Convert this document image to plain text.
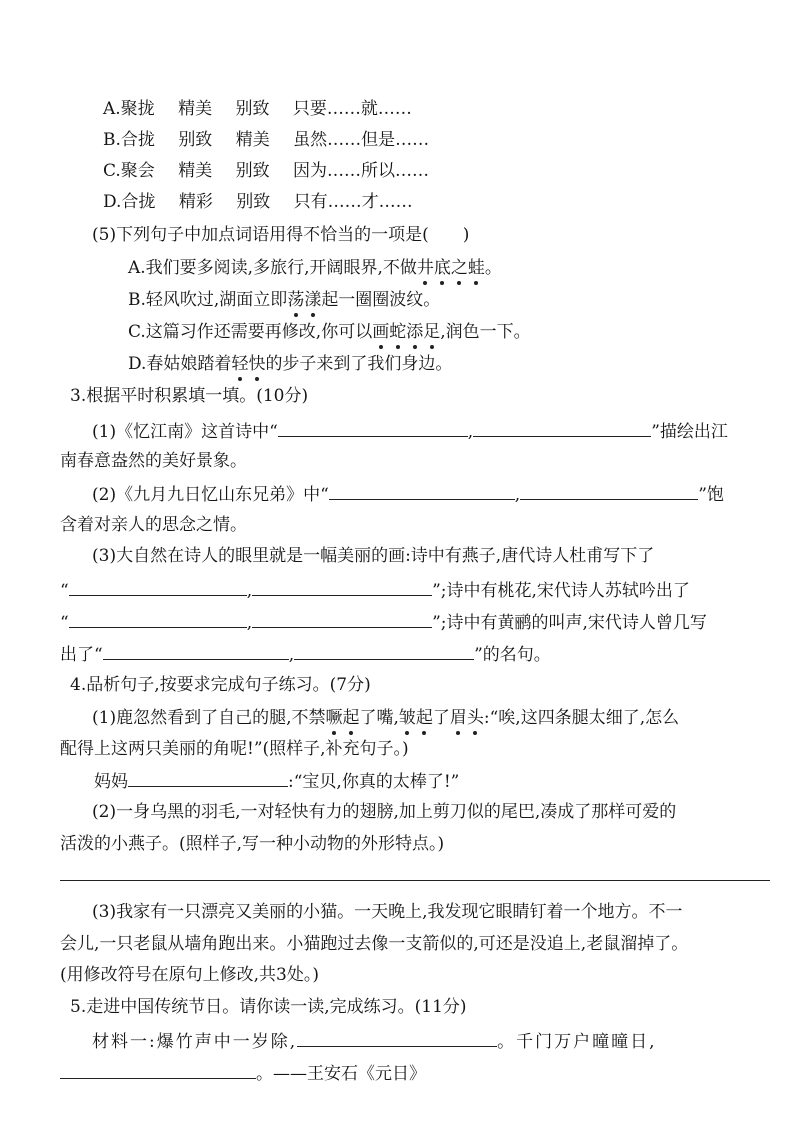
A.聚拢 精美 别致 只要……就……
B.合拢 别致 精美 虽然……但是……
C.聚会 精美 别致 因为……所以……
D.合拢 精彩 别致 只有……才……
(5)下列句子中加点词语用得不恰当的一项是( )
A.我们要多阅读,多旅行,开阔眼界,不做井底之蛙。
B.轻风吹过,湖面立即荡漾起一圈圈波纹。
C.这篇习作还需要再修改,你可以画蛇添足,润色一下。
D.春姑娘踏着轻快的步子来到了我们身边。
3.根据平时积累填一填。(10分)
(1)《忆江南》这首诗中“	,	”描绘出江
南春意盎然的美好景象。
(2)《九月九日忆山东兄弟》中“	,	”饱
含着对亲人的思念之情。
(3)大自然在诗人的眼里就是一幅美丽的画:诗中有燕子,唐代诗人杜甫写下了
“	,	”;诗中有桃花,宋代诗人苏轼吟出了
“	,	”;诗中有黄鹂的叫声,宋代诗人曾几写
出了“	,	”的名句。
4.品析句子,按要求完成句子练习。(7分)
(1)鹿忽然看到了自己的腿,不禁噘起了嘴,皱起了眉头:“唉,这四条腿太细了,怎么
配得上这两只美丽的角呢!”(照样子,补充句子。)
妈妈	:“宝贝,你真的太棒了!”
(2)一身乌黑的羽毛,一对轻快有力的翅膀,加上剪刀似的尾巴,凑成了那样可爱的
活泼的小燕子。(照样子,写一种小动物的外形特点。)
(3)我家有一只漂亮又美丽的小猫。一天晚上,我发现它眼睛钉着一个地方。不一
会儿,一只老鼠从墙角跑出来。小猫跑过去像一支箭似的,可还是没追上,老鼠溜掉了。
(用修改符号在原句上修改,共3处。)
5.走进中国传统节日。请你读一读,完成练习。(11分)
材料一:爆竹声中一岁除,	。千门万户曈曈日,
。——王安石《元日》
